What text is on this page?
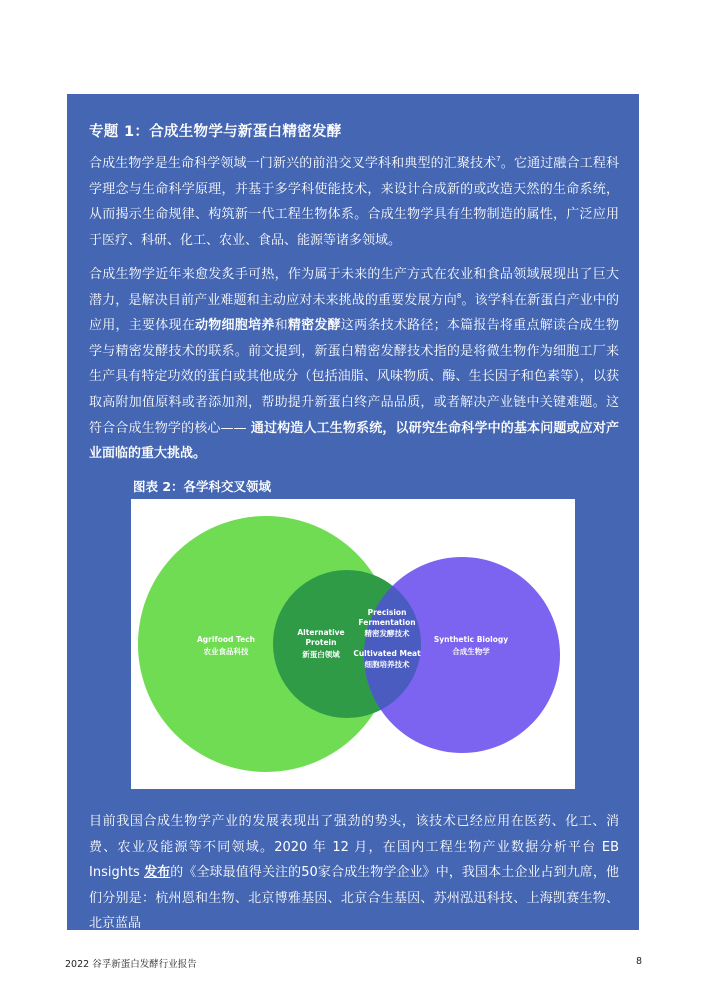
专题 1：合成生物学与新蛋白精密发酵

合成生物学是生命科学领域一门新兴的前沿交叉学科和典型的汇聚技术$^7$。它通过融合工程科学理念与生命科学原理，并基于多学科使能技术，来设计合成新的或改造天然的生命系统，从而揭示生命规律、构筑新一代工程生物体系。合成生物学具有生物制造的属性，广泛应用于医疗、科研、化工、农业、食品、能源等诸多领域。

合成生物学近年来愈发炙手可热，作为属于未来的生产方式在农业和食品领域展现出了巨大潜力，是解决目前产业难题和主动应对未来挑战的重要发展方向$^8$。该学科在新蛋白产业中的应用，主要体现在动物细胞培养和精密发酵这两条技术路径；本篇报告将重点解读合成生物学与精密发酵技术的联系。前文提到，新蛋白精密发酵技术指的是将微生物作为细胞工厂来生产具有特定功效的蛋白或其他成分（包括油脂、风味物质、酶、生长因子和色素等），以获取高附加值原料或者添加剂，帮助提升新蛋白终产品品质，或者解决产业链中关键难题。这符合合成生物学的核心—— 通过构造人工生物系统，以研究生命科学中的基本问题或应对产业面临的重大挑战。

图表 2：各学科交叉领域
Agrifood Tech
农业食品科技
Alternative
Protein
新蛋白领域
Precision
Fermentation
精密发酵技术
Cultivated Meat
细胞培养技术
Synthetic Biology
合成生物学

目前我国合成生物学产业的发展表现出了强劲的势头，该技术已经应用在医药、化工、消费、农业及能源等不同领域。2020 年 12 月，在国内工程生物产业数据分析平台 EB Insights 发布的《全球最值得关注的50家合成生物学企业》中，我国本土企业占到九席，他们分别是：杭州恩和生物、北京博雅基因、北京合生基因、苏州泓迅科技、上海凯赛生物、北京蓝晶

2022 谷孚新蛋白发酵行业报告	8
